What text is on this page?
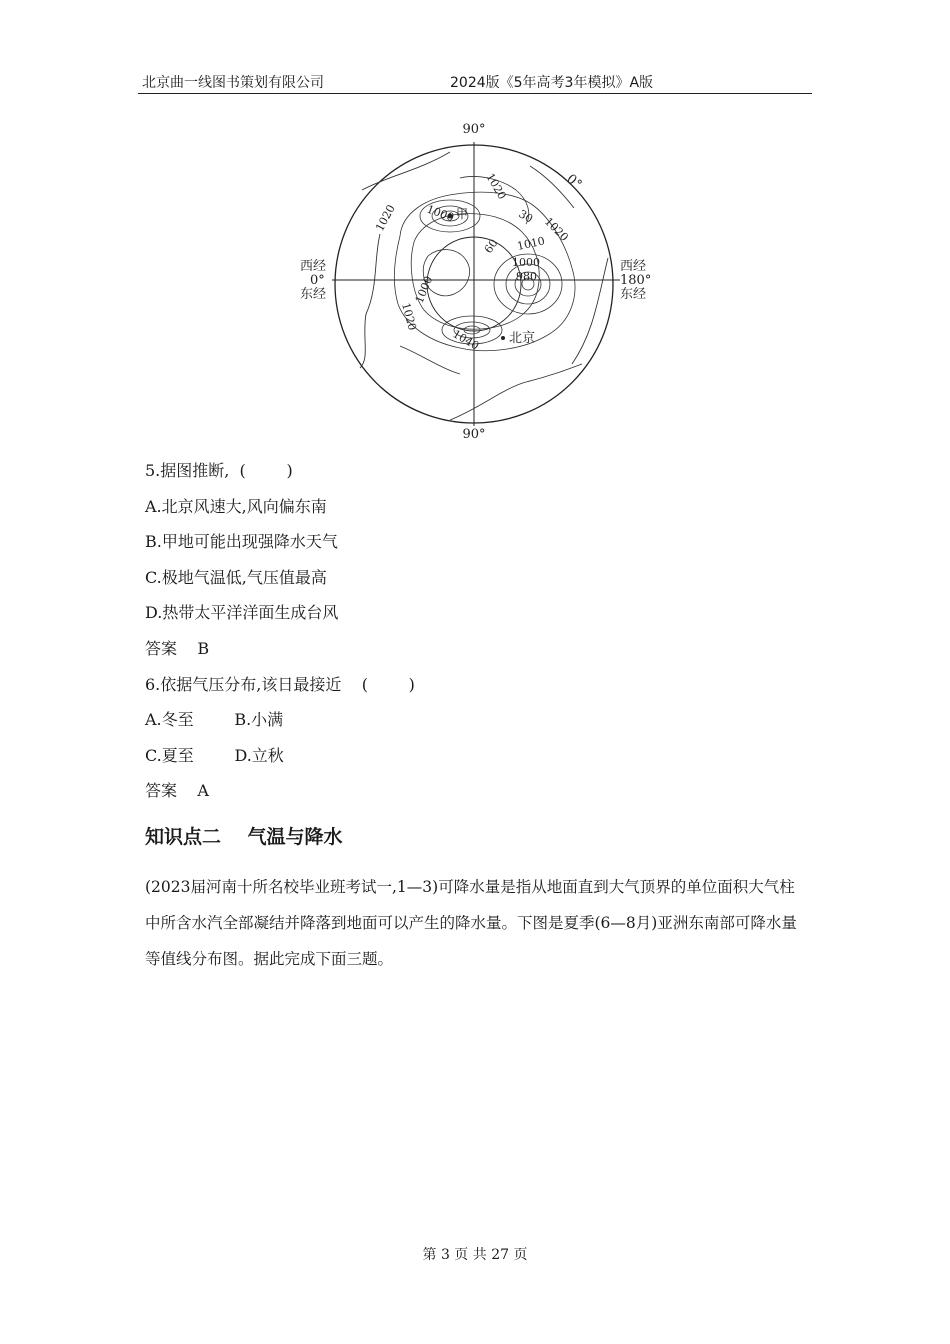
北京曲一线图书策划有限公司	2024版《5年高考3年模拟》A版
90°
90°
西经
0°
东经
西经
180°
东经
0°
北京
甲
1020
1020
1000	30 1020
1010
1000
980
60
1020
1000
1040
5.据图推断,  (        )
A.北京风速大,风向偏东南
B.甲地可能出现强降水天气
C.极地气温低,气压值最高
D.热带太平洋洋面生成台风
答案    B
6.依据气压分布,该日最接近    (        )
A.冬至        B.小满
C.夏至        D.立秋
答案    A
知识点二    气温与降水
(2023届河南十所名校毕业班考试一,1—3)可降水量是指从地面直到大气顶界的单位面积大气柱中所含水汽全部凝结并降落到地面可以产生的降水量。下图是夏季(6—8月)亚洲东南部可降水量等值线分布图。据此完成下面三题。
第 3 页 共 27 页
